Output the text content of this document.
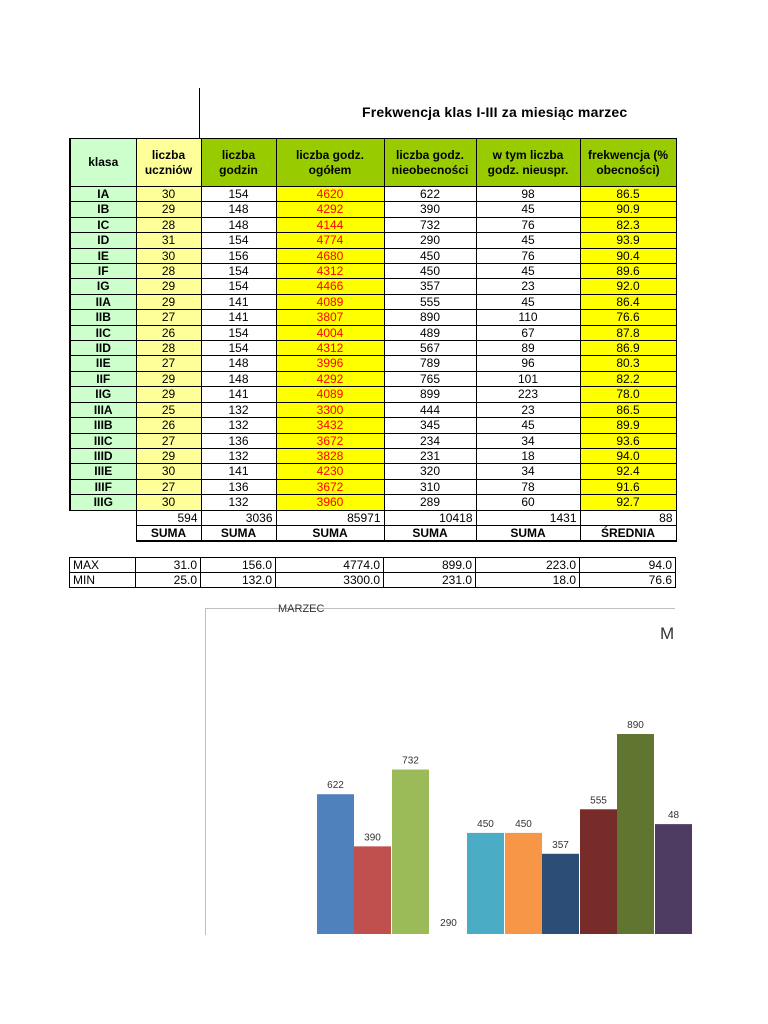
Frekwencja klas I-III za miesiąc marzec
klasa	liczba uczniów	liczba godzin	liczba godz. ogółem	liczba godz. nieobecności	w tym liczba godz. nieuspr.	frekwencja (% obecności)
IA	30	154	4620	622	98	86.5
IB	29	148	4292	390	45	90.9
IC	28	148	4144	732	76	82.3
ID	31	154	4774	290	45	93.9
IE	30	156	4680	450	76	90.4
IF	28	154	4312	450	45	89.6
IG	29	154	4466	357	23	92.0
IIA	29	141	4089	555	45	86.4
IIB	27	141	3807	890	110	76.6
IIC	26	154	4004	489	67	87.8
IID	28	154	4312	567	89	86.9
IIE	27	148	3996	789	96	80.3
IIF	29	148	4292	765	101	82.2
IIG	29	141	4089	899	223	78.0
IIIA	25	132	3300	444	23	86.5
IIIB	26	132	3432	345	45	89.9
IIIC	27	136	3672	234	34	93.6
IIID	29	132	3828	231	18	94.0
IIIE	30	141	4230	320	34	92.4
IIIF	27	136	3672	310	78	91.6
IIIG	30	132	3960	289	60	92.7
	594	3036	85971	10418	1431	88
	SUMA	SUMA	SUMA	SUMA	SUMA	ŚREDNIA
MAX	31.0	156.0	4774.0	899.0	223.0	94.0
MIN	25.0	132.0	3300.0	231.0	18.0	76.6
MARZEC
M
622
390
732
290
450 450
357
555
890
48
